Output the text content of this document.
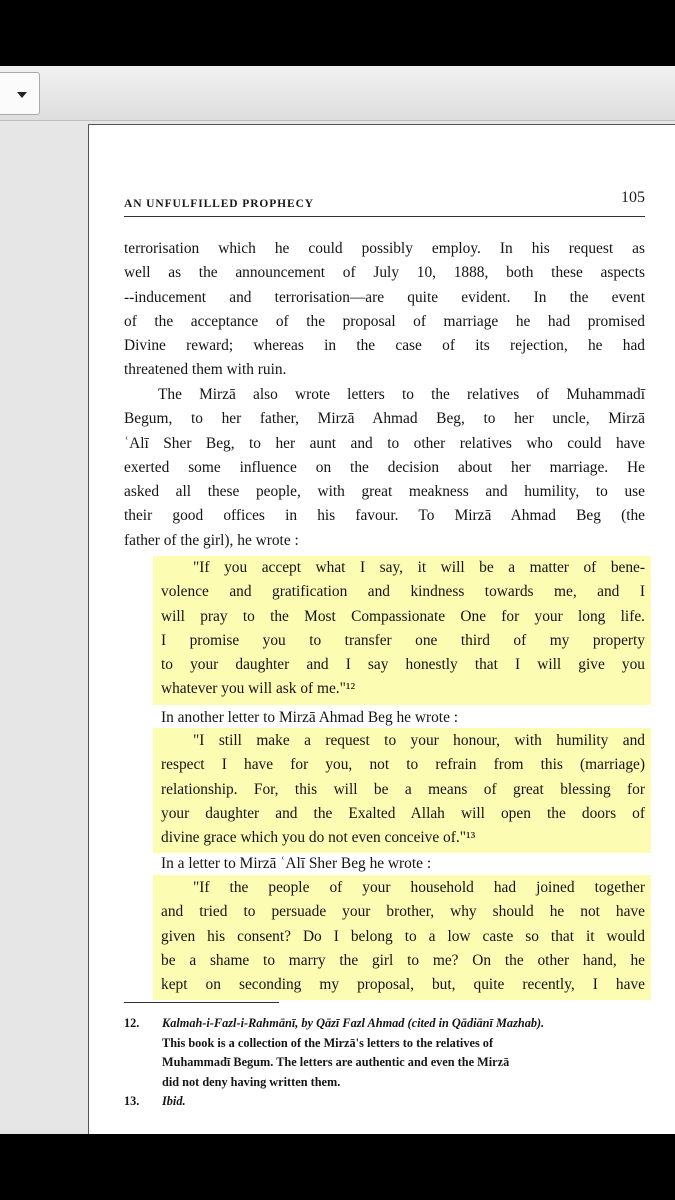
AN UNFULFILLED PROPHECY	105
terrorisation which he could possibly employ. In his request as
well as the announcement of July 10, 1888, both these aspects
--inducement and terrorisation—are quite evident. In the event
of the acceptance of the proposal of marriage he had promised
Divine reward; whereas in the case of its rejection, he had
threatened them with ruin.
The Mirzā also wrote letters to the relatives of Muhammadī
Begum, to her father, Mirzā Ahmad Beg, to her uncle, Mirzā
ʿAlī Sher Beg, to her aunt and to other relatives who could have
exerted some influence on the decision about her marriage. He
asked all these people, with great meakness and humility, to use
their good offices in his favour. To Mirzā Ahmad Beg (the
father of the girl), he wrote :
"If you accept what I say, it will be a matter of bene-
volence and gratification and kindness towards me, and I
will pray to the Most Compassionate One for your long life.
I promise you to transfer one third of my property
to your daughter and I say honestly that I will give you
whatever you will ask of me."¹²
In another letter to Mirzā Ahmad Beg he wrote :
"I still make a request to your honour, with humility and
respect I have for you, not to refrain from this (marriage)
relationship. For, this will be a means of great blessing for
your daughter and the Exalted Allah will open the doors of
divine grace which you do not even conceive of."¹³
In a letter to Mirzā ʿAlī Sher Beg he wrote :
"If the people of your household had joined together
and tried to persuade your brother, why should he not have
given his consent? Do I belong to a low caste so that it would
be a shame to marry the girl to me? On the other hand, he
kept on seconding my proposal, but, quite recently, I have
12. Kalmah-i-Fazl-i-Rahmānī, by Qāzī Fazl Ahmad (cited in Qādiānī Mazhab).
This book is a collection of the Mirzā's letters to the relatives of
Muhammadī Begum. The letters are authentic and even the Mirzā
did not deny having written them.
13. Ibid.
